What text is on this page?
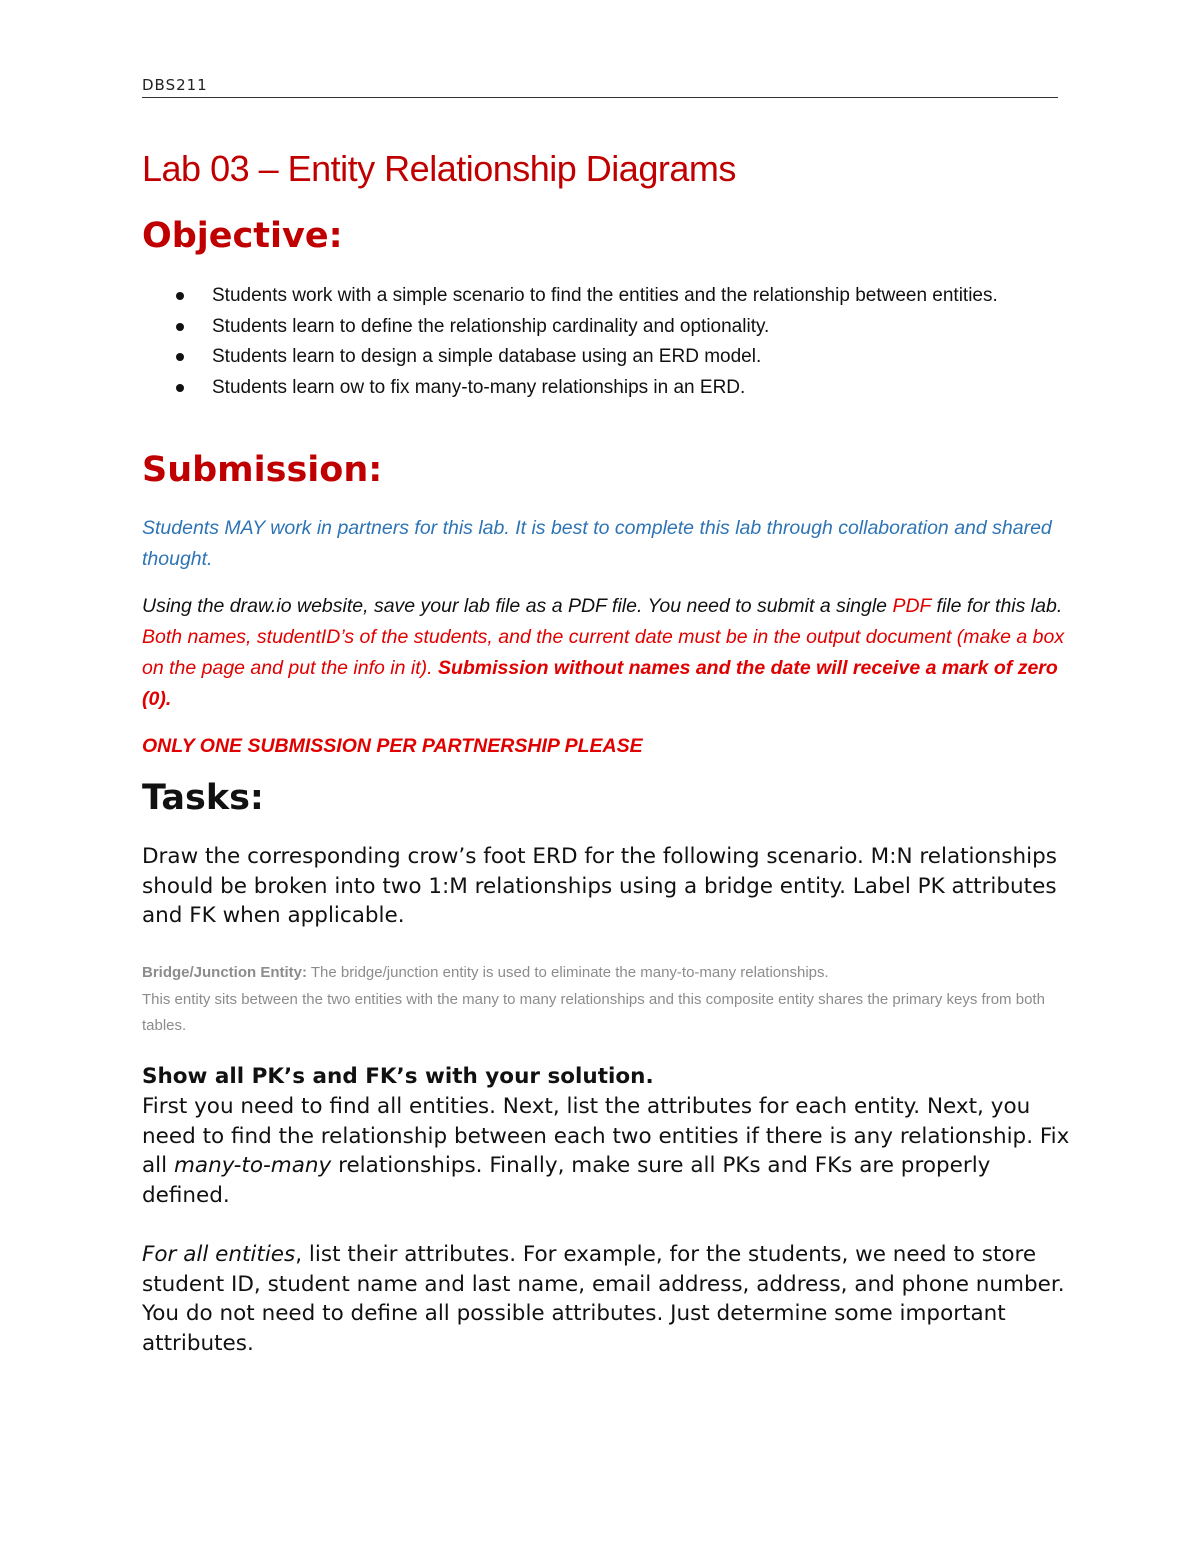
DBS211
Lab 03 – Entity Relationship Diagrams
Objective:
Students work with a simple scenario to find the entities and the relationship between entities.
Students learn to define the relationship cardinality and optionality.
Students learn to design a simple database using an ERD model.
Students learn ow to fix many-to-many relationships in an ERD.
Submission:
Students MAY work in partners for this lab. It is best to complete this lab through collaboration and shared thought.
Using the draw.io website, save your lab file as a PDF file. You need to submit a single PDF file for this lab. Both names, studentID’s of the students, and the current date must be in the output document (make a box on the page and put the info in it). Submission without names and the date will receive a mark of zero (0).
ONLY ONE SUBMISSION PER PARTNERSHIP PLEASE
Tasks:
Draw the corresponding crow’s foot ERD for the following scenario. M:N relationships should be broken into two 1:M relationships using a bridge entity. Label PK attributes and FK when applicable.
Bridge/Junction Entity: The bridge/junction entity is used to eliminate the many-to-many relationships.
This entity sits between the two entities with the many to many relationships and this composite entity shares the primary keys from both tables.
Show all PK’s and FK’s with your solution.
First you need to find all entities. Next, list the attributes for each entity. Next, you need to find the relationship between each two entities if there is any relationship. Fix all many-to-many relationships. Finally, make sure all PKs and FKs are properly defined.
For all entities, list their attributes. For example, for the students, we need to store student ID, student name and last name, email address, address, and phone number. You do not need to define all possible attributes. Just determine some important attributes.
